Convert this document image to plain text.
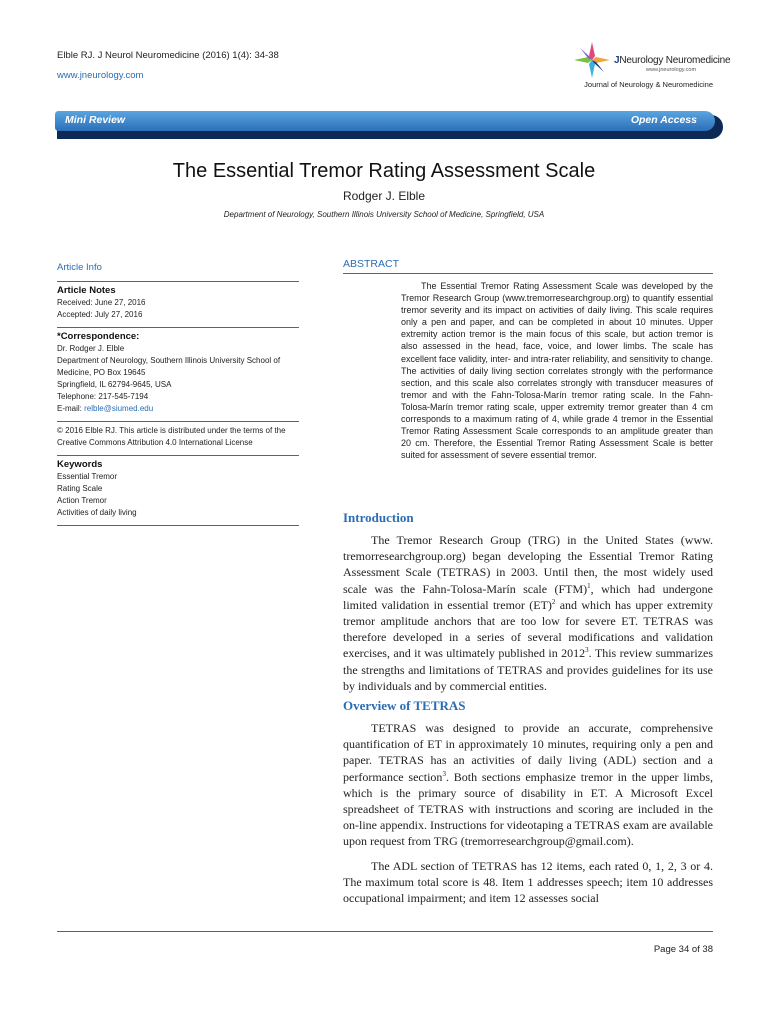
Elble RJ. J Neurol Neuromedicine (2016) 1(4): 34-38
www.jneurology.com
JNeurology Neuromedicine
www.jneurology.com
Journal of Neurology & Neuromedicine
Mini Review	Open Access
The Essential Tremor Rating Assessment Scale
Rodger J. Elble
Department of Neurology, Southern Illinois University School of Medicine, Springfield, USA
Article Info
Article Notes
Received: June 27, 2016
Accepted: July 27, 2016
*Correspondence:
Dr. Rodger J. Elble
Department of Neurology, Southern Illinois University School of Medicine, PO Box 19645
Springfield, IL 62794-9645, USA
Telephone: 217-545-7194
E-mail: relble@siumed.edu
© 2016 Elble RJ. This article is distributed under the terms of the Creative Commons Attribution 4.0 International License
Keywords
Essential Tremor
Rating Scale
Action Tremor
Activities of daily living
ABSTRACT

The Essential Tremor Rating Assessment Scale was developed by the Tremor Research Group (www.tremorresearchgroup.org) to quantify essential tremor severity and its impact on activities of daily living. This scale requires only a pen and paper, and can be completed in about 10 minutes. Upper extremity action tremor is the main focus of this scale, but action tremor is also assessed in the head, face, voice, and lower limbs. The scale has excellent face validity, inter- and intra-rater reliability, and sensitivity to change. The activities of daily living section correlates strongly with the performance section, and this scale also correlates strongly with transducer measures of tremor and with the Fahn-Tolosa-Marín tremor rating scale. In the Fahn-Tolosa-Marín tremor rating scale, upper extremity tremor greater than 4 cm corresponds to a maximum rating of 4, while grade 4 tremor in the Essential Tremor Rating Assessment Scale corresponds to an amplitude greater than 20 cm. Therefore, the Essential Tremor Rating Assessment Scale is better suited for assessment of severe essential tremor.

Introduction

The Tremor Research Group (TRG) in the United States (www. tremorresearchgroup.org) began developing the Essential Tremor Rating Assessment Scale (TETRAS) in 2003. Until then, the most widely used scale was the Fahn-Tolosa-Marín scale (FTM)$^1$, which had undergone limited validation in essential tremor (ET)$^2$ and which has upper extremity tremor amplitude anchors that are too low for severe ET. TETRAS was therefore developed in a series of several modifications and validation exercises, and it was ultimately published in 2012$^3$. This review summarizes the strengths and limitations of TETRAS and provides guidelines for its use by individuals and by commercial entities.

Overview of TETRAS

TETRAS was designed to provide an accurate, comprehensive quantification of ET in approximately 10 minutes, requiring only a pen and paper. TETRAS has an activities of daily living (ADL) section and a performance section$^3$. Both sections emphasize tremor in the upper limbs, which is the primary source of disability in ET. A Microsoft Excel spreadsheet of TETRAS with instructions and scoring are included in the on-line appendix. Instructions for videotaping a TETRAS exam are available upon request from TRG (tremorresearchgroup@gmail.com).

The ADL section of TETRAS has 12 items, each rated 0, 1, 2, 3 or 4. The maximum total score is 48. Item 1 addresses speech; item 10 addresses occupational impairment; and item 12 assesses social

Page 34 of 38
